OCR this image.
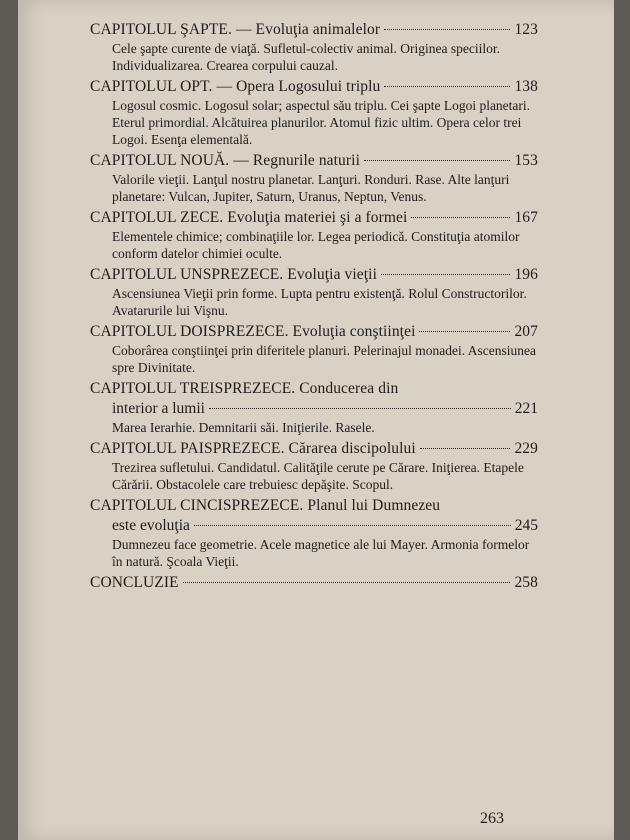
CAPITOLUL ŞAPTE. — Evoluţia animalelor	123

Cele şapte curente de viaţă. Sufletul-colectiv animal. Originea speciilor. Individualizarea. Crearea corpului cauzal.

CAPITOLUL OPT. — Opera Logosului triplu	138

Logosul cosmic. Logosul solar; aspectul său triplu. Cei şapte Logoi planetari. Eterul primordial. Alcătuirea planurilor. Atomul fizic ultim. Opera celor trei Logoi. Esenţa elementală.

CAPITOLUL NOUĂ. — Regnurile naturii	153

Valorile vieţii. Lanţul nostru planetar. Lanţuri. Ronduri. Rase. Alte lanţuri planetare: Vulcan, Jupiter, Saturn, Uranus, Neptun, Venus.

CAPITOLUL ZECE. Evoluţia materiei şi a formei	167

Elementele chimice; combinaţiile lor. Legea periodică. Constituţia atomilor conform datelor chimiei oculte.

CAPITOLUL UNSPREZECE. Evoluţia vieţii	196

Ascensiunea Vieţii prin forme. Lupta pentru existenţă. Rolul Constructorilor. Avatarurile lui Vişnu.

CAPITOLUL DOISPREZECE. Evoluţia conştiinţei	207

Coborârea conştiinţei prin diferitele planuri. Pelerinajul monadei. Ascensiunea spre Divinitate.

CAPITOLUL TREISPREZECE. Conducerea din
interior a lumii	221

Marea Ierarhie. Demnitarii săi. Iniţierile. Rasele.

CAPITOLUL PAISPREZECE. Cărarea discipolului	229

Trezirea sufletului. Candidatul. Calităţile cerute pe Cărare. Iniţierea. Etapele Cărării. Obstacolele care trebuiesc depăşite. Scopul.

CAPITOLUL CINCISPREZECE. Planul lui Dumnezeu
este evoluţia	245

Dumnezeu face geometrie. Acele magnetice ale lui Mayer. Armonia formelor în natură. Şcoala Vieţii.

CONCLUZIE	258
263
